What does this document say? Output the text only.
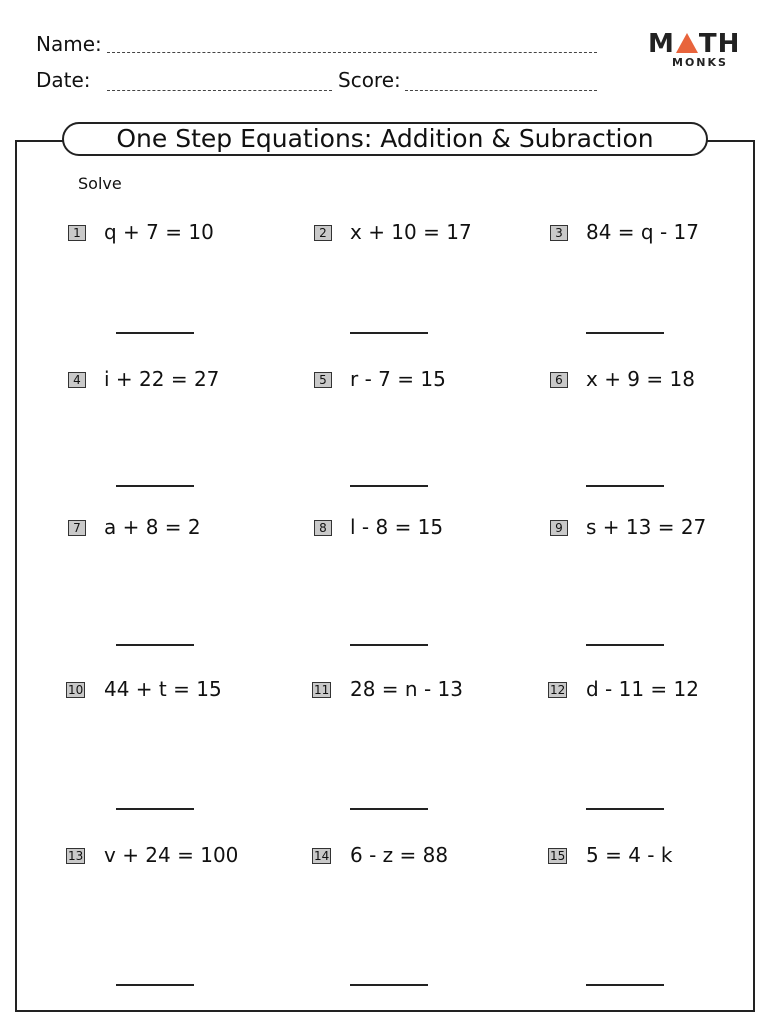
Name:
Date:	Score:
M TH
MONKS
One Step Equations: Addition & Subraction
Solve
1 q + 7 = 10	2 x + 10 = 17	3 84 = q - 17
4 i + 22 = 27	5 r - 7 = 15	6 x + 9 = 18
7 a + 8 = 2	8 l - 8 = 15	9 s + 13 = 27
10 44 + t = 15	11 28 = n - 13	12 d - 11 = 12
13 v + 24 = 100	14 6 - z = 88	15 5 = 4 - k
